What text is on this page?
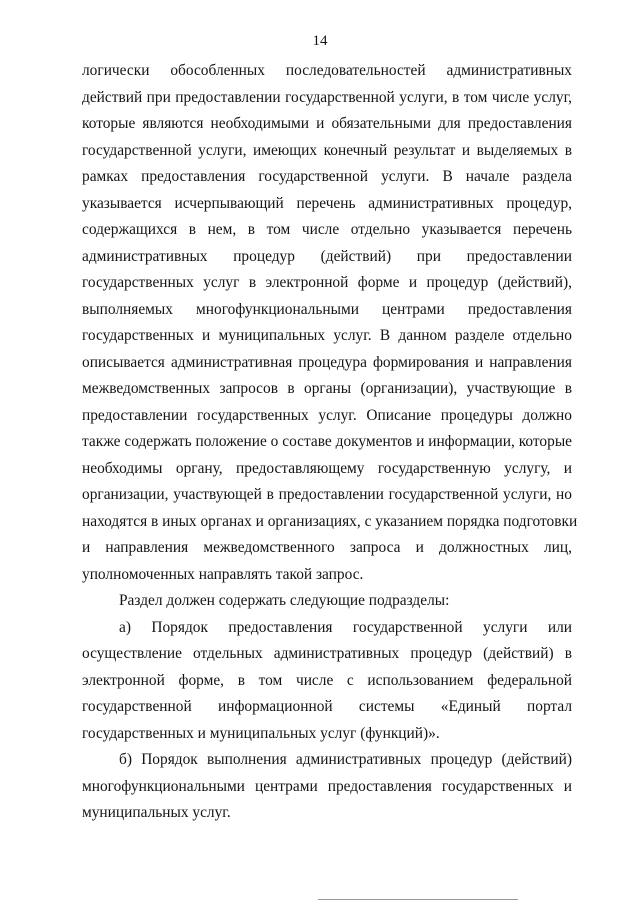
14
логически обособленных последовательностей административных
действий при предоставлении государственной услуги, в том числе услуг,
которые являются необходимыми и обязательными для предоставления
государственной услуги, имеющих конечный результат и выделяемых в
рамках предоставления государственной услуги. В начале раздела
указывается исчерпывающий перечень административных процедур,
содержащихся в нем, в том числе отдельно указывается перечень
административных процедур (действий) при предоставлении
государственных услуг в электронной форме и процедур (действий),
выполняемых многофункциональными центрами предоставления
государственных и муниципальных услуг. В данном разделе отдельно
описывается административная процедура формирования и направления
межведомственных запросов в органы (организации), участвующие в
предоставлении государственных услуг. Описание процедуры должно
также содержать положение о составе документов и информации, которые
необходимы органу, предоставляющему государственную услугу, и
организации, участвующей в предоставлении государственной услуги, но
находятся в иных органах и организациях, с указанием порядка подготовки
и направления межведомственного запроса и должностных лиц,
уполномоченных направлять такой запрос.
Раздел должен содержать следующие подразделы:
а) Порядок предоставления государственной услуги или
осуществление отдельных административных процедур (действий) в
электронной форме, в том числе с использованием федеральной
государственной информационной системы «Единый портал
государственных и муниципальных услуг (функций)».
б) Порядок выполнения административных процедур (действий)
многофункциональными центрами предоставления государственных и
муниципальных услуг.
